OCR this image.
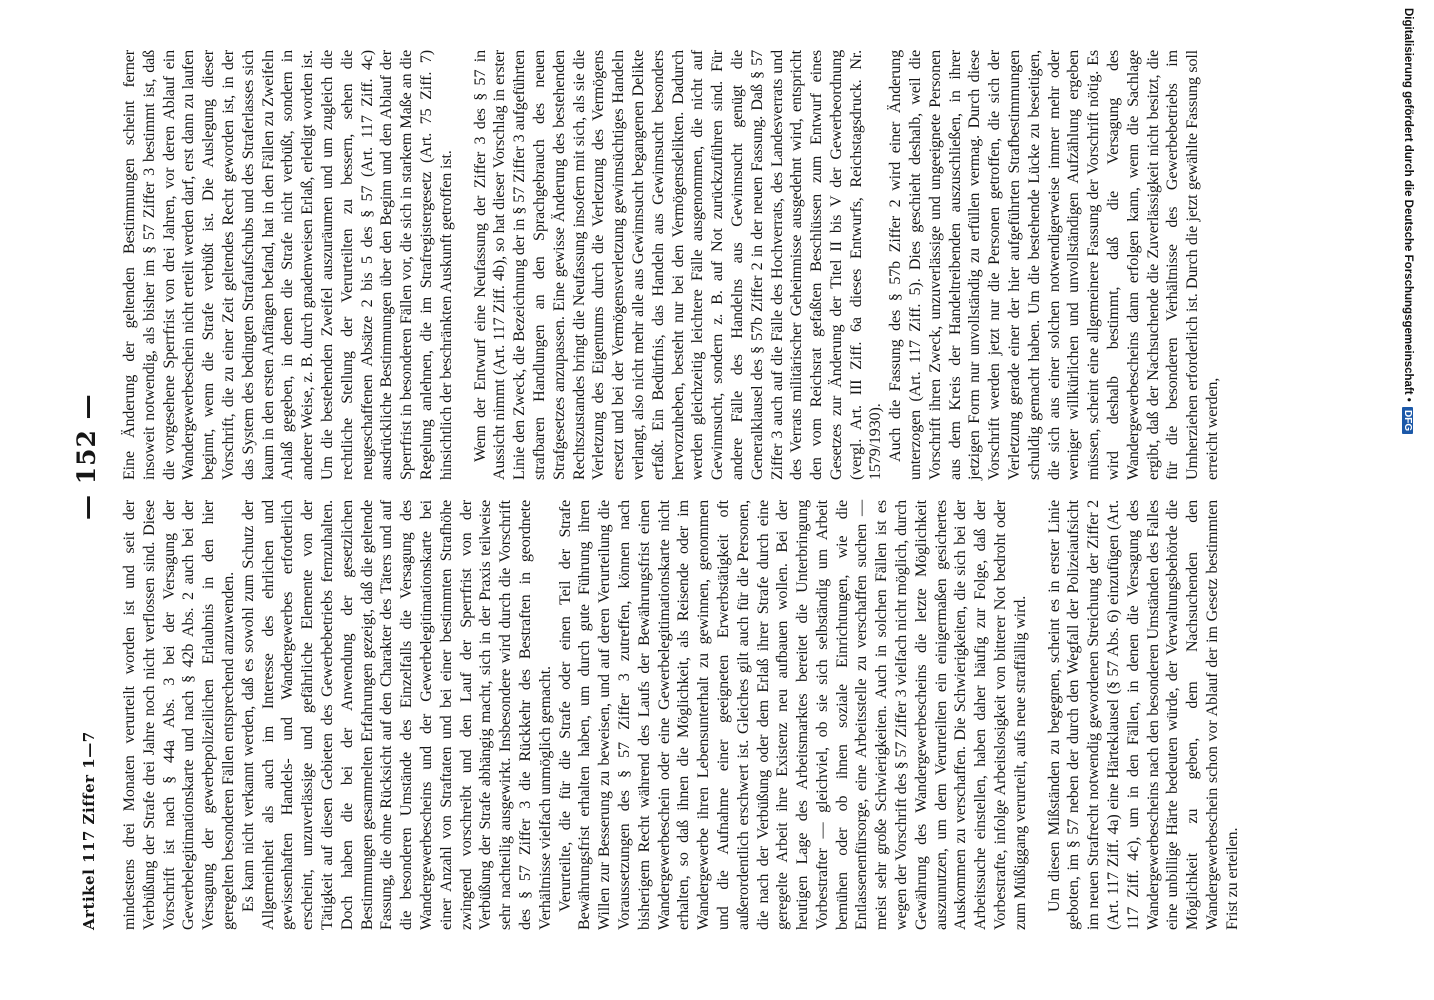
Artikel 117 Ziffer 1—7
— 152 —

mindestens drei Monaten verurteilt worden ist und seit der Verbüßung der Strafe drei Jahre noch nicht verflossen sind. Diese Vorschrift ist nach § 44a Abs. 3 bei der Versagung der Gewerbelegitimationskarte und nach § 42b Abs. 2 auch bei der Versagung der gewerbepolizeilichen Erlaubnis in den hier geregelten besonderen Fällen entsprechend anzuwenden. Es kann nicht verkannt werden, daß es sowohl zum Schutz der Allgemeinheit als auch im Interesse des ehrlichen und gewissenhaften Handels- und Wandergewerbes erforderlich erscheint, unzuverlässige und gefährliche Elemente von der Tätigkeit auf diesen Gebieten des Gewerbebetriebs fernzuhalten. Doch haben die bei der Anwendung der gesetzlichen Bestimmungen gesammelten Erfahrungen gezeigt, daß die geltende Fassung, die ohne Rücksicht auf den Charakter des Täters und auf die besonderen Umstände des Einzelfalls die Versagung des Wandergewerbescheins und der Gewerbelegitimationskarte bei einer Anzahl von Straftaten und bei einer bestimmten Strafhöhe zwingend vorschreibt und den Lauf der Sperrfrist von der Verbüßung der Strafe abhängig macht, sich in der Praxis teilweise sehr nachteilig ausgewirkt. Insbesondere wird durch die Vorschrift des § 57 Ziffer 3 die Rückkehr des Bestraften in geordnete Verhältnisse vielfach unmöglich gemacht. Verurteilte, die für die Strafe oder einen Teil der Strafe Bewährungsfrist erhalten haben, um durch gute Führung ihren Willen zur Besserung zu beweisen, und auf deren Verurteilung die Voraussetzungen des § 57 Ziffer 3 zutreffen, können nach bisherigem Recht während des Laufs der Bewährungsfrist einen Wandergewerbeschein oder eine Gewerbelegitimationskarte nicht erhalten, so daß ihnen die Möglichkeit, als Reisende oder im Wandergewerbe ihren Lebensunterhalt zu gewinnen, genommen und die Aufnahme einer geeigneten Erwerbstätigkeit oft außerordentlich erschwert ist. Gleiches gilt auch für die Personen, die nach der Verbüßung oder dem Erlaß ihrer Strafe durch eine geregelte Arbeit ihre Existenz neu aufbauen wollen. Bei der heutigen Lage des Arbeitsmarktes bereitet die Unterbringung Vorbestrafter — gleichviel, ob sie sich selbständig um Arbeit bemühen oder ob ihnen soziale Einrichtungen, wie die Entlassenenfürsorge, eine Arbeitsstelle zu verschaffen suchen — meist sehr große Schwierigkeiten. Auch in solchen Fällen ist es wegen der Vorschrift des § 57 Ziffer 3 vielfach nicht möglich, durch Gewährung des Wandergewerbescheins die letzte Möglichkeit auszunutzen, um dem Verurteilten ein einigermaßen gesichertes Auskommen zu verschaffen. Die Schwierigkeiten, die sich bei der Arbeitssuche einstellen, haben daher häufig zur Folge, daß der Vorbestrafte, infolge Arbeitslosigkeit von bitterer Not bedroht oder zum Müßiggang verurteilt, aufs neue straffällig wird. Um diesen Mißständen zu begegnen, scheint es in erster Linie geboten, im § 57 neben der durch den Wegfall der Polizeiaufsicht im neuen Strafrecht notwendig gewordenen Streichung der Ziffer 2 (Art. 117 Ziff. 4a) eine Härteklausel (§ 57 Abs. 6) einzufügen (Art. 117 Ziff. 4c), um in den Fällen, in denen die Versagung des Wandergewerbescheins nach den besonderen Umständen des Falles eine unbillige Härte bedeuten würde, der Verwaltungsbehörde die Möglichkeit zu geben, dem Nachsuchenden den Wandergewerbeschein schon vor Ablauf der im Gesetz bestimmten Frist zu erteilen.

Eine Änderung der geltenden Bestimmungen scheint ferner insoweit notwendig, als bisher im § 57 Ziffer 3 bestimmt ist, daß die vorgesehene Sperrfrist von drei Jahren, vor deren Ablauf ein Wandergewerbeschein nicht erteilt werden darf, erst dann zu laufen beginnt, wenn die Strafe verbüßt ist. Die Auslegung dieser Vorschrift, die zu einer Zeit geltendes Recht geworden ist, in der das System des bedingten Strafaufschubs und des Straferlasses sich kaum in den ersten Anfängen befand, hat in den Fällen zu Zweifeln Anlaß gegeben, in denen die Strafe nicht verbüßt, sondern in anderer Weise, z. B. durch gnadenweisen Erlaß, erledigt worden ist. Um die bestehenden Zweifel auszuräumen und um zugleich die rechtliche Stellung der Verurteilten zu bessern, sehen die neugeschaffenen Absätze 2 bis 5 des § 57 (Art. 117 Ziff. 4c) ausdrückliche Bestimmungen über den Beginn und den Ablauf der Sperrfrist in besonderen Fällen vor, die sich in starkem Maße an die Regelung anlehnen, die im Strafregistergesetz (Art. 75 Ziff. 7) hinsichtlich der beschränkten Auskunft getroffen ist. Wenn der Entwurf eine Neufassung der Ziffer 3 des § 57 in Aussicht nimmt (Art. 117 Ziff. 4b), so hat dieser Vorschlag in erster Linie den Zweck, die Bezeichnung der in § 57 Ziffer 3 aufgeführten strafbaren Handlungen an den Sprachgebrauch des neuen Strafgesetzes anzupassen. Eine gewisse Änderung des bestehenden Rechtszustandes bringt die Neufassung insofern mit sich, als sie die Verletzung des Eigentums durch die Verletzung des Vermögens ersetzt und bei der Vermögensverletzung gewinnsüchtiges Handeln verlangt, also nicht mehr alle aus Gewinnsucht begangenen Delikte erfaßt. Ein Bedürfnis, das Handeln aus Gewinnsucht besonders hervorzuheben, besteht nur bei den Vermögensdelikten. Dadurch werden gleichzeitig leichtere Fälle ausgenommen, die nicht auf Gewinnsucht, sondern z. B. auf Not zurückzuführen sind. Für andere Fälle des Handelns aus Gewinnsucht genügt die Generalklausel des § 57b Ziffer 2 in der neuen Fassung. Daß § 57 Ziffer 3 auch auf die Fälle des Hochverrats, des Landesverrats und des Verrats militärischer Geheimnisse ausgedehnt wird, entspricht den vom Reichsrat gefaßten Beschlüssen zum Entwurf eines Gesetzes zur Änderung der Titel II bis V der Gewerbeordnung (vergl. Art. III Ziff. 6a dieses Entwurfs, Reichstagsdruck. Nr. 1579/1930). Auch die Fassung des § 57b Ziffer 2 wird einer Änderung unterzogen (Art. 117 Ziff. 5). Dies geschieht deshalb, weil die Vorschrift ihren Zweck, unzuverlässige und ungeeignete Personen aus dem Kreis der Handeltreibenden auszuschließen, in ihrer jetzigen Form nur unvollständig zu erfüllen vermag. Durch diese Vorschrift werden jetzt nur die Personen getroffen, die sich der Verletzung gerade einer der hier aufgeführten Strafbestimmungen schuldig gemacht haben. Um die bestehende Lücke zu beseitigen, die sich aus einer solchen notwendigerweise immer mehr oder weniger willkürlichen und unvollständigen Aufzählung ergeben müssen, scheint eine allgemeinere Fassung der Vorschrift nötig. Es wird deshalb bestimmt, daß die Versagung des Wandergewerbescheins dann erfolgen kann, wenn die Sachlage ergibt, daß der Nachsuchende die Zuverlässigkeit nicht besitzt, die für die besonderen Verhältnisse des Gewerbebetriebs im Umherziehen erforderlich ist. Durch die jetzt gewählte Fassung soll erreicht werden,

Digitalisierung gefördert durch die Deutsche Forschungsgemeinschaft • DFG
